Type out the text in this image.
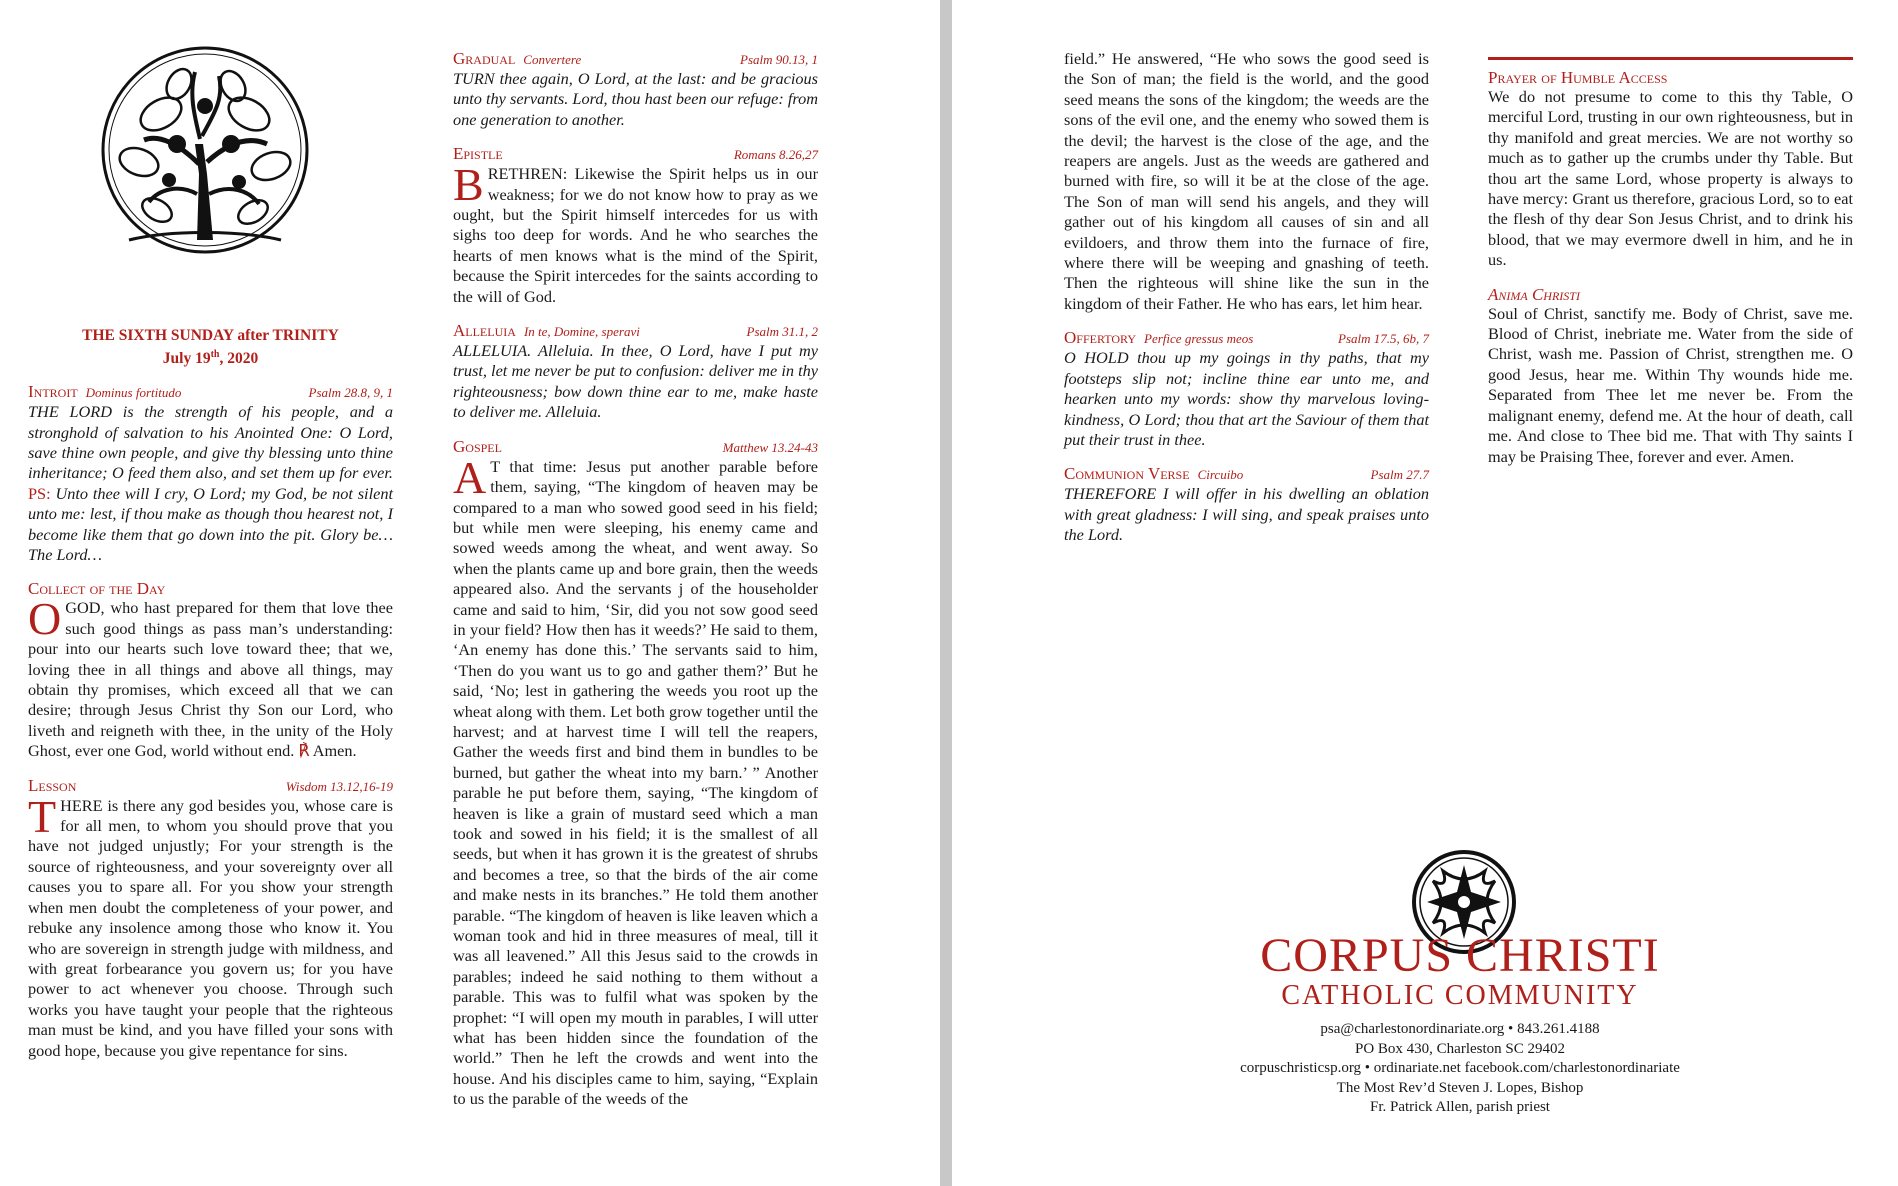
THE SIXTH SUNDAY after TRINITY
July 19th, 2020
Introit Dominus fortitudo	Psalm 28.8, 9, 1

THE LORD is the strength of his people, and a stronghold of salvation to his Anointed One: O Lord, save thine own people, and give thy blessing unto thine inheritance; O feed them also, and set them up for ever. PS: Unto thee will I cry, O Lord; my God, be not silent unto me: lest, if thou make as though thou hearest not, I become like them that go down into the pit. Glory be… The Lord…

Collect of the Day

OGOD, who hast prepared for them that love thee such good things as pass man’s understanding: pour into our hearts such love toward thee; that we, loving thee in all things and above all things, may obtain thy promises, which exceed all that we can desire; through Jesus Christ thy Son our Lord, who liveth and reigneth with thee, in the unity of the Holy Ghost, ever one God, world without end. ℟ Amen.

Lesson	Wisdom 13.12,16-19

THERE is there any god besides you, whose care is for all men, to whom you should prove that you have not judged unjustly; For your strength is the source of righteousness, and your sovereignty over all causes you to spare all. For you show your strength when men doubt the completeness of your power, and rebuke any insolence among those who know it. You who are sovereign in strength judge with mildness, and with great forbearance you govern us; for you have power to act whenever you choose. Through such works you have taught your people that the righteous man must be kind, and you have filled your sons with good hope, because you give repentance for sins.

Gradual Convertere	Psalm 90.13, 1

TURN thee again, O Lord, at the last: and be gracious unto thy servants. Lord, thou hast been our refuge: from one generation to another.

Epistle	Romans 8.26,27

BRETHREN: Likewise the Spirit helps us in our weakness; for we do not know how to pray as we ought, but the Spirit himself intercedes for us with sighs too deep for words. And he who searches the hearts of men knows what is the mind of the Spirit, because the Spirit intercedes for the saints according to the will of God.

Alleluia In te, Domine, speravi	Psalm 31.1, 2

ALLELUIA. Alleluia. In thee, O Lord, have I put my trust, let me never be put to confusion: deliver me in thy righteousness; bow down thine ear to me, make haste to deliver me. Alleluia.

Gospel	Matthew 13.24-43

A T that time: Jesus put another parable before them, saying, “The kingdom of heaven may be compared to a man who sowed good seed in his field; but while men were sleeping, his enemy came and sowed weeds among the wheat, and went away. So when the plants came up and bore grain, then the weeds appeared also. And the servants j of the householder came and said to him, ‘Sir, did you not sow good seed in your field? How then has it weeds?’ He said to them, ‘An enemy has done this.’ The servants said to him, ‘Then do you want us to go and gather them?’ But he said, ‘No; lest in gathering the weeds you root up the wheat along with them. Let both grow together until the harvest; and at harvest time I will tell the reapers, Gather the weeds first and bind them in bundles to be burned, but gather the wheat into my barn.’ ” Another parable he put before them, saying, “The kingdom of heaven is like a grain of mustard seed which a man took and sowed in his field; it is the smallest of all seeds, but when it has grown it is the greatest of shrubs and becomes a tree, so that the birds of the air come and make nests in its branches.” He told them another parable. “The kingdom of heaven is like leaven which a woman took and hid in three measures of meal, till it was all leavened.” All this Jesus said to the crowds in parables; indeed he said nothing to them without a parable. This was to fulfil what was spoken by the prophet: “I will open my mouth in parables, I will utter what has been hidden since the foundation of the world.” Then he left the crowds and went into the house. And his disciples came to him, saying, “Explain to us the parable of the weeds of the

field.” He answered, “He who sows the good seed is the Son of man; the field is the world, and the good seed means the sons of the kingdom; the weeds are the sons of the evil one, and the enemy who sowed them is the devil; the harvest is the close of the age, and the reapers are angels. Just as the weeds are gathered and burned with fire, so will it be at the close of the age. The Son of man will send his angels, and they will gather out of his kingdom all causes of sin and all evildoers, and throw them into the furnace of fire, where there will be weeping and gnashing of teeth. Then the righteous will shine like the sun in the kingdom of their Father. He who has ears, let him hear.

Offertory Perfice gressus meos	Psalm 17.5, 6b, 7

O HOLD thou up my goings in thy paths, that my footsteps slip not; incline thine ear unto me, and hearken unto my words: show thy marvelous loving-kindness, O Lord; thou that art the Saviour of them that put their trust in thee.

Communion Verse Circuibo	Psalm 27.7

THEREFORE I will offer in his dwelling an oblation with great gladness: I will sing, and speak praises unto the Lord.

Prayer of Humble Access

We do not presume to come to this thy Table, O merciful Lord, trusting in our own righteousness, but in thy manifold and great mercies. We are not worthy so much as to gather up the crumbs under thy Table. But thou art the same Lord, whose property is always to have mercy: Grant us therefore, gracious Lord, so to eat the flesh of thy dear Son Jesus Christ, and to drink his blood, that we may evermore dwell in him, and he in us.

Anima Christi

Soul of Christ, sanctify me. Body of Christ, save me. Blood of Christ, inebriate me. Water from the side of Christ, wash me. Passion of Christ, strengthen me. O good Jesus, hear me. Within Thy wounds hide me. Separated from Thee let me never be. From the malignant enemy, defend me. At the hour of death, call me. And close to Thee bid me. That with Thy saints I may be Praising Thee, forever and ever. Amen.

CORPUS CHRISTI
CATHOLIC COMMUNITY
psa@charlestonordinariate.org • 843.261.4188
PO Box 430, Charleston SC 29402
corpuschristicsp.org • ordinariate.net facebook.com/charlestonordinariate
The Most Rev’d Steven J. Lopes, Bishop
Fr. Patrick Allen, parish priest
